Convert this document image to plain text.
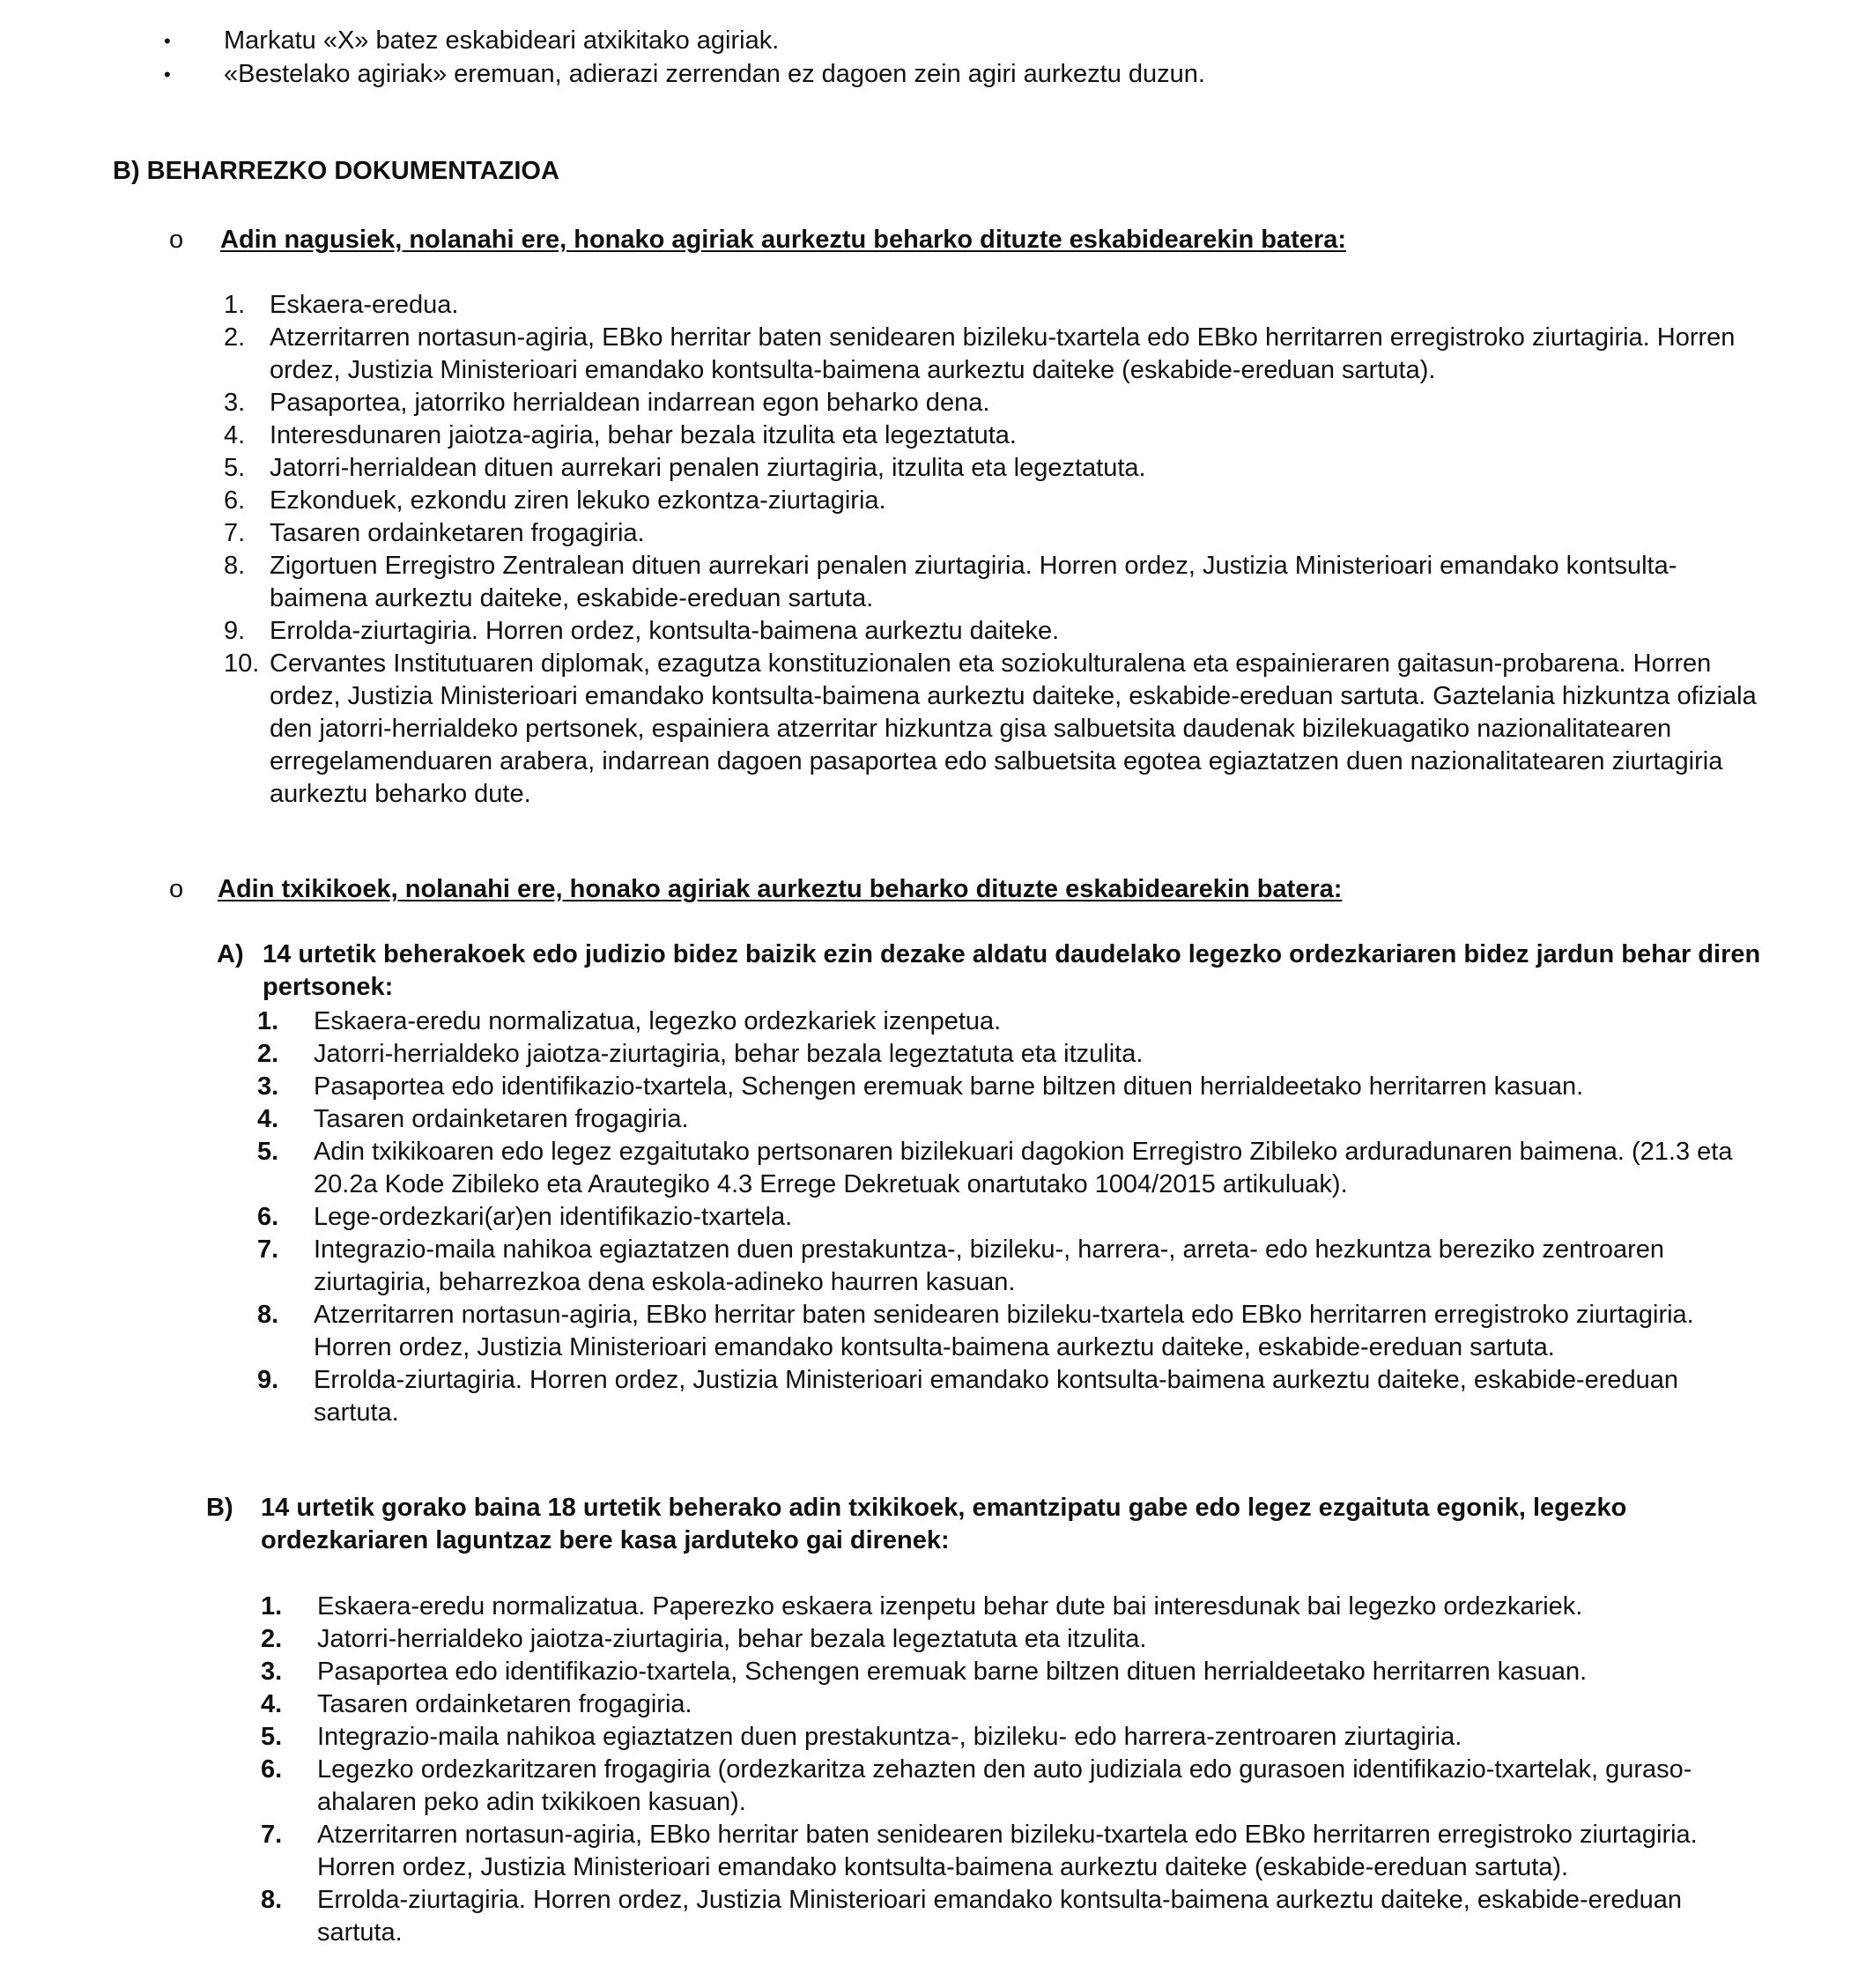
• Markatu «X» batez eskabideari atxikitako agiriak.
• «Bestelako agiriak» eremuan, adierazi zerrendan ez dagoen zein agiri aurkeztu duzun.
B) BEHARREZKO DOKUMENTAZIOA
o Adin nagusiek, nolanahi ere, honako agiriak aurkeztu beharko dituzte eskabidearekin batera:
1. Eskaera-eredua.
2. Atzerritarren nortasun-agiria, EBko herritar baten senidearen bizileku-txartela edo EBko herritarren erregistroko ziurtagiria. Horren ordez, Justizia Ministerioari emandako kontsulta-baimena aurkeztu daiteke (eskabide-ereduan sartuta).
3. Pasaportea, jatorriko herrialdean indarrean egon beharko dena.
4. Interesdunaren jaiotza-agiria, behar bezala itzulita eta legeztatuta.
5. Jatorri-herrialdean dituen aurrekari penalen ziurtagiria, itzulita eta legeztatuta.
6. Ezkonduek, ezkondu ziren lekuko ezkontza-ziurtagiria.
7. Tasaren ordainketaren frogagiria.
8. Zigortuen Erregistro Zentralean dituen aurrekari penalen ziurtagiria. Horren ordez, Justizia Ministerioari emandako kontsulta-baimena aurkeztu daiteke, eskabide-ereduan sartuta.
9. Errolda-ziurtagiria. Horren ordez, kontsulta-baimena aurkeztu daiteke.
10. Cervantes Institutuaren diplomak, ezagutza konstituzionalen eta soziokulturalena eta espainieraren gaitasun-probarena. Horren ordez, Justizia Ministerioari emandako kontsulta-baimena aurkeztu daiteke, eskabide-ereduan sartuta. Gaztelania hizkuntza ofiziala den jatorri-herrialdeko pertsonek, espainiera atzerritar hizkuntza gisa salbuetsita daudenak bizilekuagatiko nazionalitatearen erregelamenduaren arabera, indarrean dagoen pasaportea edo salbuetsita egotea egiaztatzen duen nazionalitatearen ziurtagiria aurkeztu beharko dute.
o Adin txikikoek, nolanahi ere, honako agiriak aurkeztu beharko dituzte eskabidearekin batera:
A) 14 urtetik beherakoek edo judizio bidez baizik ezin dezake aldatu daudelako legezko ordezkariaren bidez jardun behar diren pertsonek:
1. Eskaera-eredu normalizatua, legezko ordezkariek izenpetua.
2. Jatorri-herrialdeko jaiotza-ziurtagiria, behar bezala legeztatuta eta itzulita.
3. Pasaportea edo identifikazio-txartela, Schengen eremuak barne biltzen dituen herrialdeetako herritarren kasuan.
4. Tasaren ordainketaren frogagiria.
5. Adin txikikoaren edo legez ezgaitutako pertsonaren bizilekuari dagokion Erregistro Zibileko arduradunaren baimena. (21.3 eta 20.2a Kode Zibileko eta Arautegiko 4.3 Errege Dekretuak onartutako 1004/2015 artikuluak).
6. Lege-ordezkari(ar)en identifikazio-txartela.
7. Integrazio-maila nahikoa egiaztatzen duen prestakuntza-, bizileku-, harrera-, arreta- edo hezkuntza bereziko zentroaren ziurtagiria, beharrezkoa dena eskola-adineko haurren kasuan.
8. Atzerritarren nortasun-agiria, EBko herritar baten senidearen bizileku-txartela edo EBko herritarren erregistroko ziurtagiria. Horren ordez, Justizia Ministerioari emandako kontsulta-baimena aurkeztu daiteke, eskabide-ereduan sartuta.
9. Errolda-ziurtagiria. Horren ordez, Justizia Ministerioari emandako kontsulta-baimena aurkeztu daiteke, eskabide-ereduan sartuta.
B)	14 urtetik gorako baina 18 urtetik beherako adin txikikoek, emantzipatu gabe edo legez ezgaituta egonik, legezko ordezkariaren laguntzaz bere kasa jarduteko gai direnek:
1. Eskaera-eredu normalizatua. Paperezko eskaera izenpetu behar dute bai interesdunak bai legezko ordezkariek.
2. Jatorri-herrialdeko jaiotza-ziurtagiria, behar bezala legeztatuta eta itzulita.
3. Pasaportea edo identifikazio-txartela, Schengen eremuak barne biltzen dituen herrialdeetako herritarren kasuan.
4. Tasaren ordainketaren frogagiria.
5. Integrazio-maila nahikoa egiaztatzen duen prestakuntza-, bizileku- edo harrera-zentroaren ziurtagiria.
6. Legezko ordezkaritzaren frogagiria (ordezkaritza zehazten den auto judiziala edo gurasoen identifikazio-txartelak, guraso-ahalaren peko adin txikikoen kasuan).
7. Atzerritarren nortasun-agiria, EBko herritar baten senidearen bizileku-txartela edo EBko herritarren erregistroko ziurtagiria. Horren ordez, Justizia Ministerioari emandako kontsulta-baimena aurkeztu daiteke (eskabide-ereduan sartuta).
8. Errolda-ziurtagiria. Horren ordez, Justizia Ministerioari emandako kontsulta-baimena aurkeztu daiteke, eskabide-ereduan sartuta.
